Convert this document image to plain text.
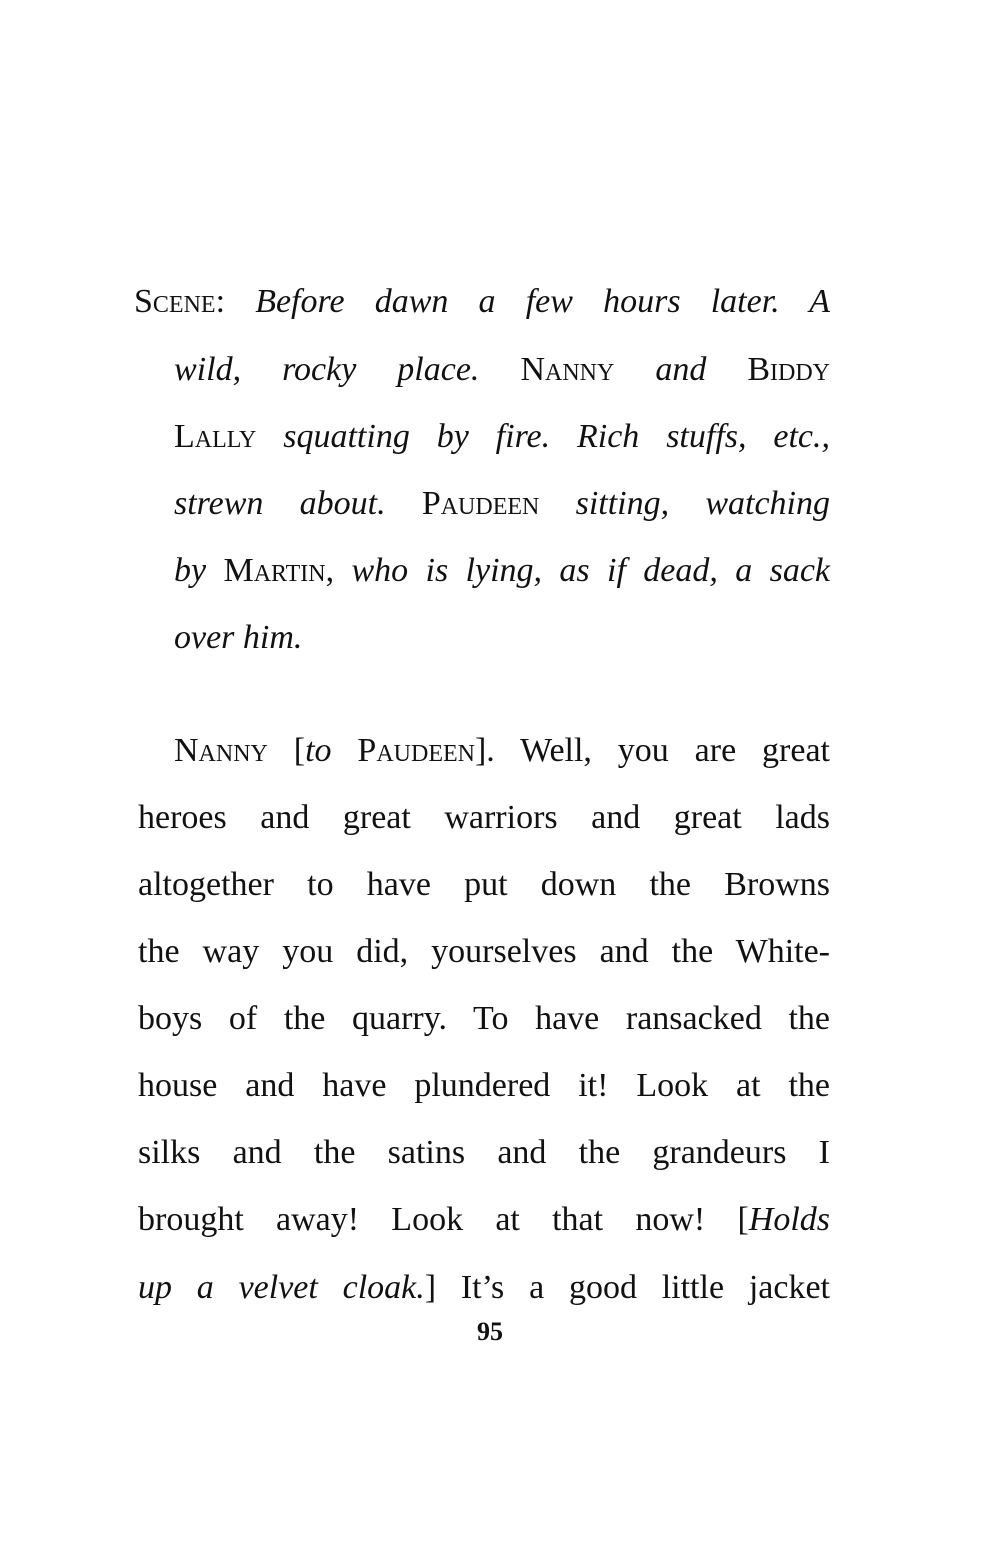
Scene: Before dawn a few hours later. A
wild, rocky place. Nanny and Biddy
Lally squatting by fire. Rich stuffs, etc.,
strewn about. Paudeen sitting, watching
by Martin, who is lying, as if dead, a sack
over him.
Nanny [to Paudeen]. Well, you are great
heroes and great warriors and great lads
altogether to have put down the Browns
the way you did, yourselves and the White-
boys of the quarry. To have ransacked the
house and have plundered it! Look at the
silks and the satins and the grandeurs I
brought away! Look at that now! [Holds
up a velvet cloak.] It’s a good little jacket
95
